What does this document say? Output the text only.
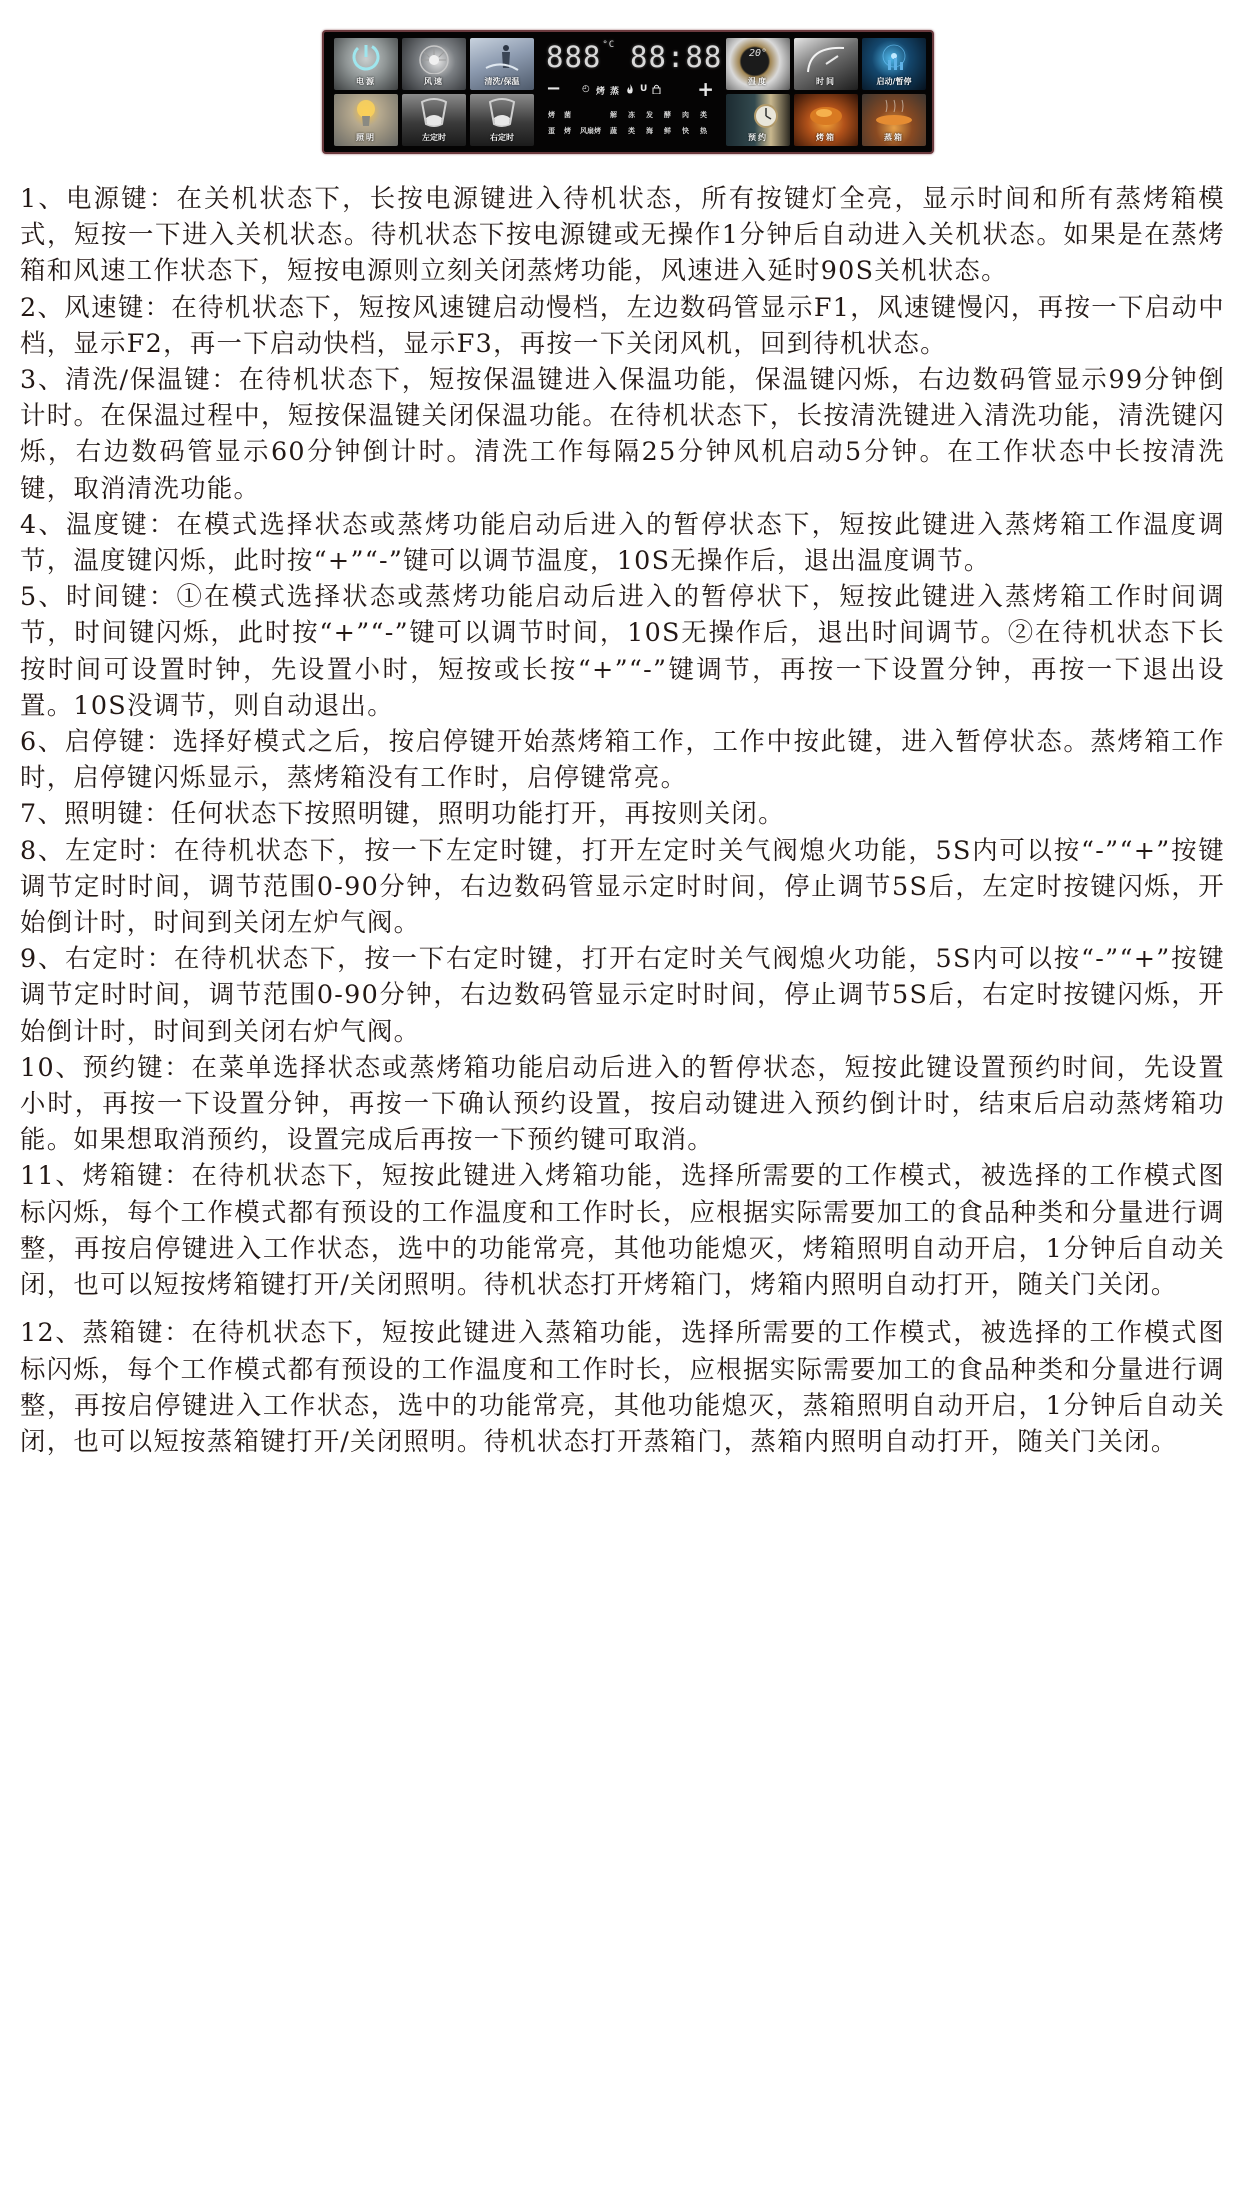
电源	风速	清洗/保温
照明	左定时	右定时
$888^{^\circ C}$ 88:88
− ◴ 烤 蒸 U +
烤 菌	解 冻 发 酵 肉 类
蛋 烤 风扇烤 蔬 类 海 鲜 快 热
20°
温度	时间	启动/暂停
预约	烤箱	蒸箱

1、电源键：在关机状态下，长按电源键进入待机状态，所有按键灯全亮，显示时间和所有蒸烤箱模式，短按一下进入关机状态。待机状态下按电源键或无操作1分钟后自动进入关机状态。如果是在蒸烤箱和风速工作状态下，短按电源则立刻关闭蒸烤功能，风速进入延时90S关机状态。

2、风速键：在待机状态下，短按风速键启动慢档，左边数码管显示F1，风速键慢闪，再按一下启动中档，显示F2，再一下启动快档，显示F3，再按一下关闭风机，回到待机状态。

3、清洗/保温键：在待机状态下，短按保温键进入保温功能，保温键闪烁，右边数码管显示99分钟倒计时。在保温过程中，短按保温键关闭保温功能。在待机状态下，长按清洗键进入清洗功能，清洗键闪烁，右边数码管显示60分钟倒计时。清洗工作每隔25分钟风机启动5分钟。在工作状态中长按清洗键，取消清洗功能。

4、温度键：在模式选择状态或蒸烤功能启动后进入的暂停状态下，短按此键进入蒸烤箱工作温度调节，温度键闪烁，此时按“+”“-”键可以调节温度，10S无操作后，退出温度调节。

5、时间键：①在模式选择状态或蒸烤功能启动后进入的暂停状下，短按此键进入蒸烤箱工作时间调节，时间键闪烁，此时按“+”“-”键可以调节时间，10S无操作后，退出时间调节。②在待机状态下长按时间可设置时钟，先设置小时，短按或长按“+”“-”键调节，再按一下设置分钟，再按一下退出设置。10S没调节，则自动退出。

6、启停键：选择好模式之后，按启停键开始蒸烤箱工作，工作中按此键，进入暂停状态。蒸烤箱工作时，启停键闪烁显示，蒸烤箱没有工作时，启停键常亮。

7、照明键：任何状态下按照明键，照明功能打开，再按则关闭。

8、左定时：在待机状态下，按一下左定时键，打开左定时关气阀熄火功能，5S内可以按“-”“+”按键调节定时时间，调节范围0-90分钟，右边数码管显示定时时间，停止调节5S后，左定时按键闪烁，开始倒计时，时间到关闭左炉气阀。

9、右定时：在待机状态下，按一下右定时键，打开右定时关气阀熄火功能，5S内可以按“-”“+”按键调节定时时间，调节范围0-90分钟，右边数码管显示定时时间，停止调节5S后，右定时按键闪烁，开始倒计时，时间到关闭右炉气阀。

10、预约键：在菜单选择状态或蒸烤箱功能启动后进入的暂停状态，短按此键设置预约时间，先设置小时，再按一下设置分钟，再按一下确认预约设置，按启动键进入预约倒计时，结束后启动蒸烤箱功能。如果想取消预约，设置完成后再按一下预约键可取消。

11、烤箱键：在待机状态下，短按此键进入烤箱功能，选择所需要的工作模式，被选择的工作模式图标闪烁，每个工作模式都有预设的工作温度和工作时长，应根据实际需要加工的食品种类和分量进行调整，再按启停键进入工作状态，选中的功能常亮，其他功能熄灭，烤箱照明自动开启，1分钟后自动关闭，也可以短按烤箱键打开/关闭照明。待机状态打开烤箱门，烤箱内照明自动打开，随关门关闭。

12、蒸箱键：在待机状态下，短按此键进入蒸箱功能，选择所需要的工作模式，被选择的工作模式图标闪烁，每个工作模式都有预设的工作温度和工作时长，应根据实际需要加工的食品种类和分量进行调整，再按启停键进入工作状态，选中的功能常亮，其他功能熄灭，蒸箱照明自动开启，1分钟后自动关闭，也可以短按蒸箱键打开/关闭照明。待机状态打开蒸箱门，蒸箱内照明自动打开，随关门关闭。
